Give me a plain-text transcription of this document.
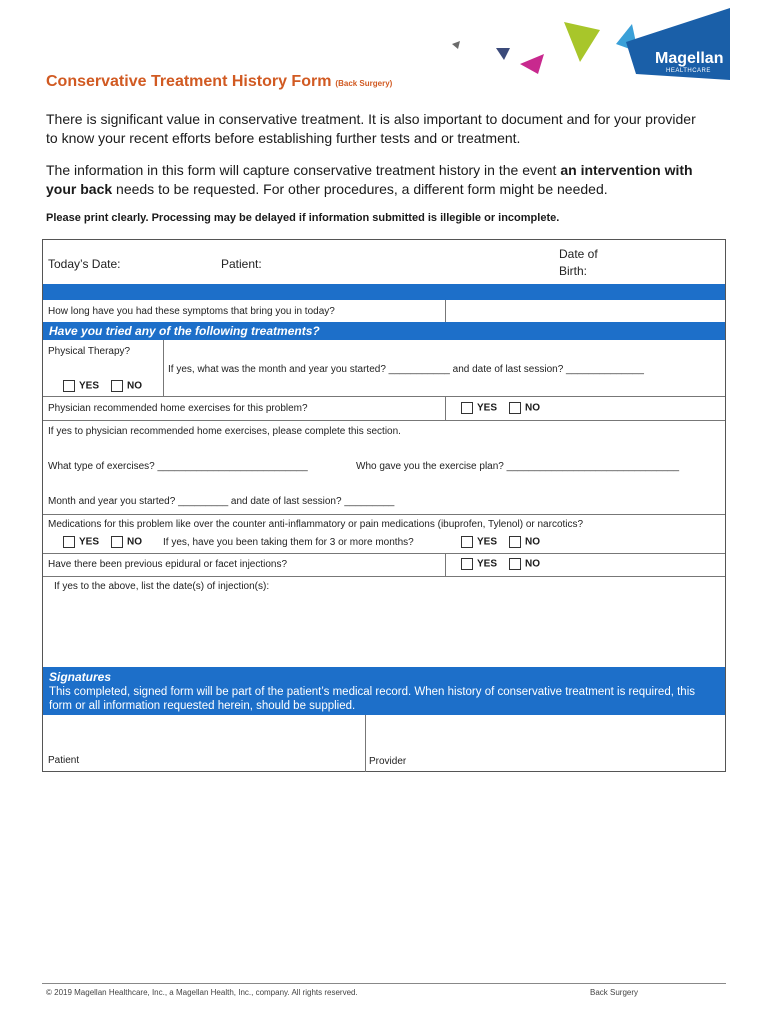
Magellan
HEALTHCARE
Conservative Treatment History Form (Back Surgery)
There is significant value in conservative treatment. It is also important to document and for your provider to know your recent efforts before establishing further tests and or treatment.
The information in this form will capture conservative treatment history in the event an intervention with your back needs to be requested. For other procedures, a different form might be needed.
Please print clearly. Processing may be delayed if information submitted is illegible or incomplete.
Today’s Date:	Patient:
Date of
Birth:
How long have you had these symptoms that bring you in today?
Have you tried any of the following treatments?
Physical Therapy?
YES	NO
If yes, what was the month and year you started? ___________ and date of last session? ______________
Physician recommended home exercises for this problem?	YES	NO
If yes to physician recommended home exercises, please complete this section.
What type of exercises? ___________________________	Who gave you the exercise plan? _______________________________
Month and year you started? _________ and date of last session? _________
Medications for this problem like over the counter anti-inflammatory or pain medications (ibuprofen, Tylenol) or narcotics?
YES	NO If yes, have you been taking them for 3 or more months?	YES	NO
Have there been previous epidural or facet injections?	YES	NO
If yes to the above, list the date(s) of injection(s):
Signatures
This completed, signed form will be part of the patient’s medical record. When history of conservative treatment is required, this form or all information requested herein, should be supplied.
Patient	Provider
© 2019 Magellan Healthcare, Inc., a Magellan Health, Inc., company. All rights reserved.	Back Surgery
